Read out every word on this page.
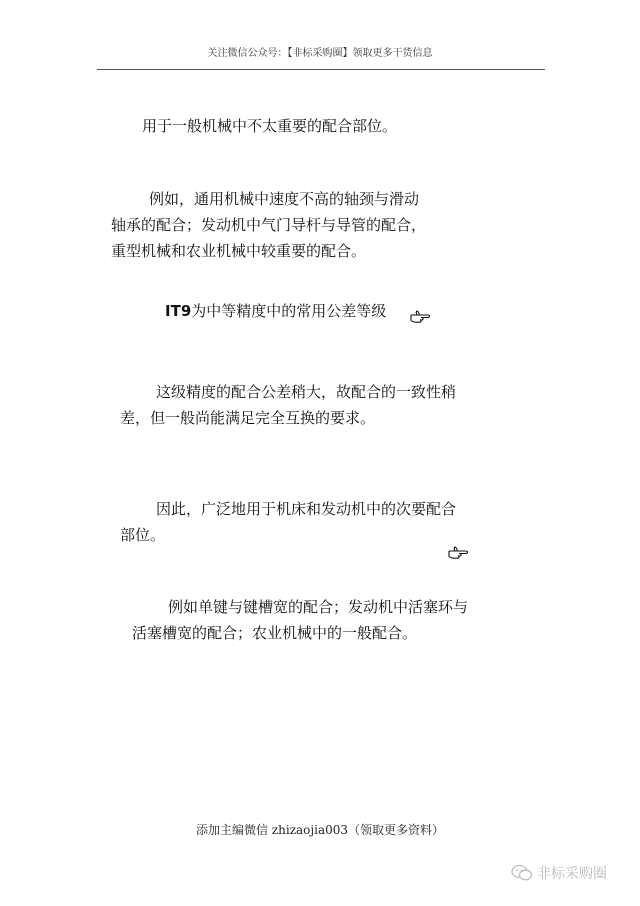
关注微信公众号：【非标采购圈】领取更多干货信息

用于一般机械中不太重要的配合部位。

例如，通用机械中速度不高的轴颈与滑动
轴承的配合；发动机中气门导杆与导管的配合，
重型机械和农业机械中较重要的配合。

IT9为中等精度中的常用公差等级

这级精度的配合公差稍大，故配合的一致性稍
差，但一般尚能满足完全互换的要求。

因此，广泛地用于机床和发动机中的次要配合
部位。

例如单键与键槽宽的配合；发动机中活塞环与
活塞槽宽的配合；农业机械中的一般配合。

添加主编微信 zhizaojia003（领取更多资料）
非标采购圈
